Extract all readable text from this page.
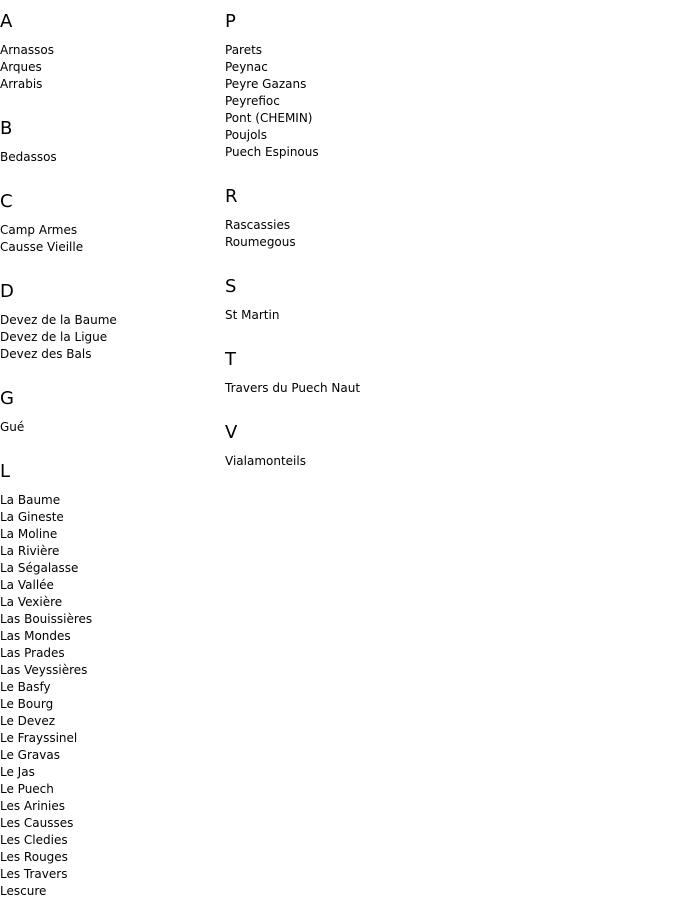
A
Arnassos
Arques
Arrabis
B
Bedassos
C
Camp Armes
Causse Vieille
D
Devez de la Baume
Devez de la Ligue
Devez des Bals
G
Gué
L
La Baume
La Gineste
La Moline
La Rivière
La Ségalasse
La Vallée
La Vexière
Las Bouissières
Las Mondes
Las Prades
Las Veyssières
Le Basfy
Le Bourg
Le Devez
Le Frayssinel
Le Gravas
Le Jas
Le Puech
Les Arinies
Les Causses
Les Cledies
Les Rouges
Les Travers
Lescure
P
Parets
Peynac
Peyre Gazans
Peyrefioc
Pont (CHEMIN)
Poujols
Puech Espinous
R
Rascassies
Roumegous
S
St Martin
T
Travers du Puech Naut
V
Vialamonteils
